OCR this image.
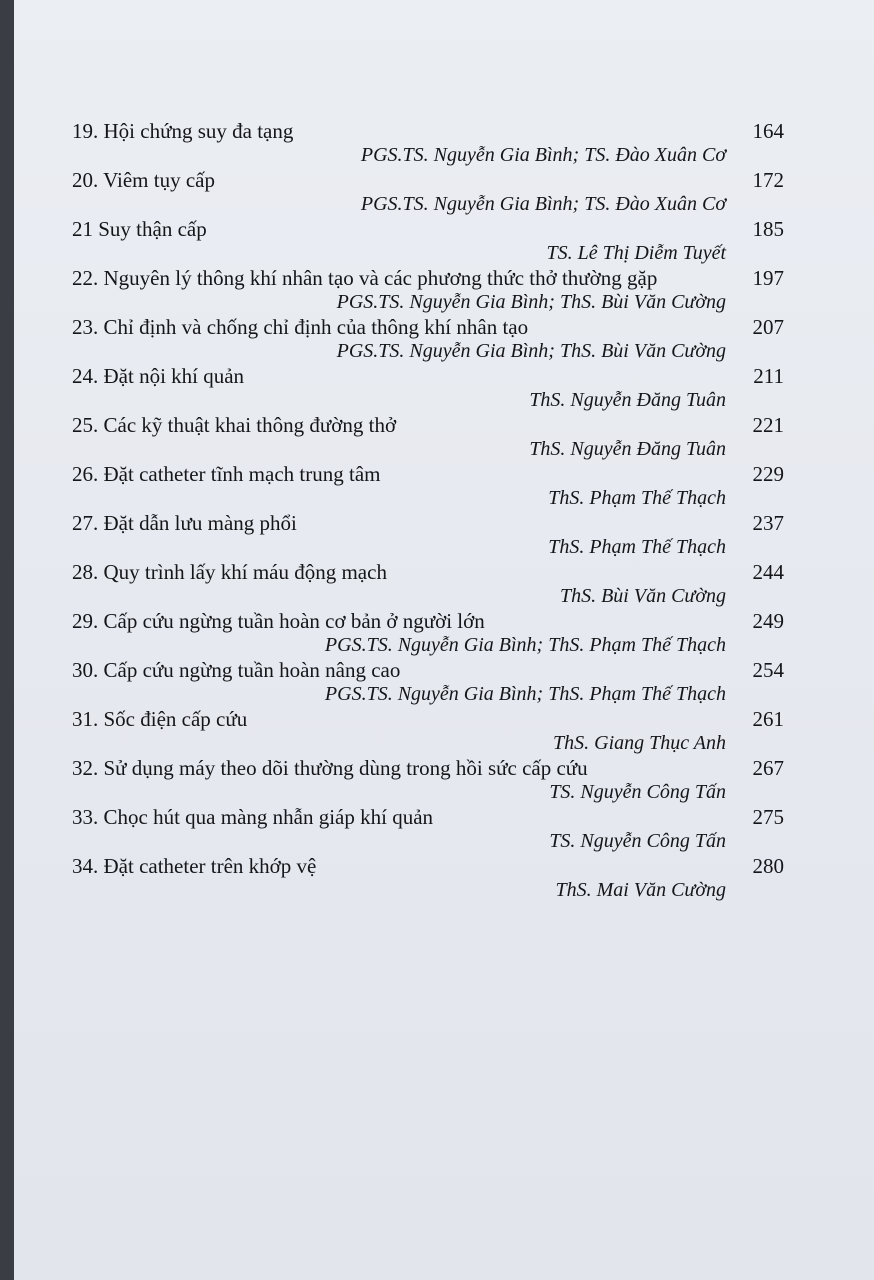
19. Hội chứng suy đa tạng	164
PGS.TS. Nguyễn Gia Bình; TS. Đào Xuân Cơ
20. Viêm tụy cấp	172
PGS.TS. Nguyễn Gia Bình; TS. Đào Xuân Cơ
21 Suy thận cấp	185
TS. Lê Thị Diễm Tuyết
22. Nguyên lý thông khí nhân tạo và các phương thức thở thường gặp	197
PGS.TS. Nguyễn Gia Bình; ThS. Bùi Văn Cường
23. Chỉ định và chống chỉ định của thông khí nhân tạo	207
PGS.TS. Nguyễn Gia Bình; ThS. Bùi Văn Cường
24. Đặt nội khí quản	211
ThS. Nguyễn Đăng Tuân
25. Các kỹ thuật khai thông đường thở	221
ThS. Nguyễn Đăng Tuân
26. Đặt catheter tĩnh mạch trung tâm	229
ThS. Phạm Thế Thạch
27. Đặt dẫn lưu màng phổi	237
ThS. Phạm Thế Thạch
28. Quy trình lấy khí máu động mạch	244
ThS. Bùi Văn Cường
29. Cấp cứu ngừng tuần hoàn cơ bản ở người lớn	249
PGS.TS. Nguyễn Gia Bình; ThS. Phạm Thế Thạch
30. Cấp cứu ngừng tuần hoàn nâng cao	254
PGS.TS. Nguyễn Gia Bình; ThS. Phạm Thế Thạch
31. Sốc điện cấp cứu	261
ThS. Giang Thục Anh
32. Sử dụng máy theo dõi thường dùng trong hồi sức cấp cứu	267
TS. Nguyễn Công Tấn
33. Chọc hút qua màng nhẫn giáp khí quản	275
TS. Nguyễn Công Tấn
34. Đặt catheter trên khớp vệ	280
ThS. Mai Văn Cường
